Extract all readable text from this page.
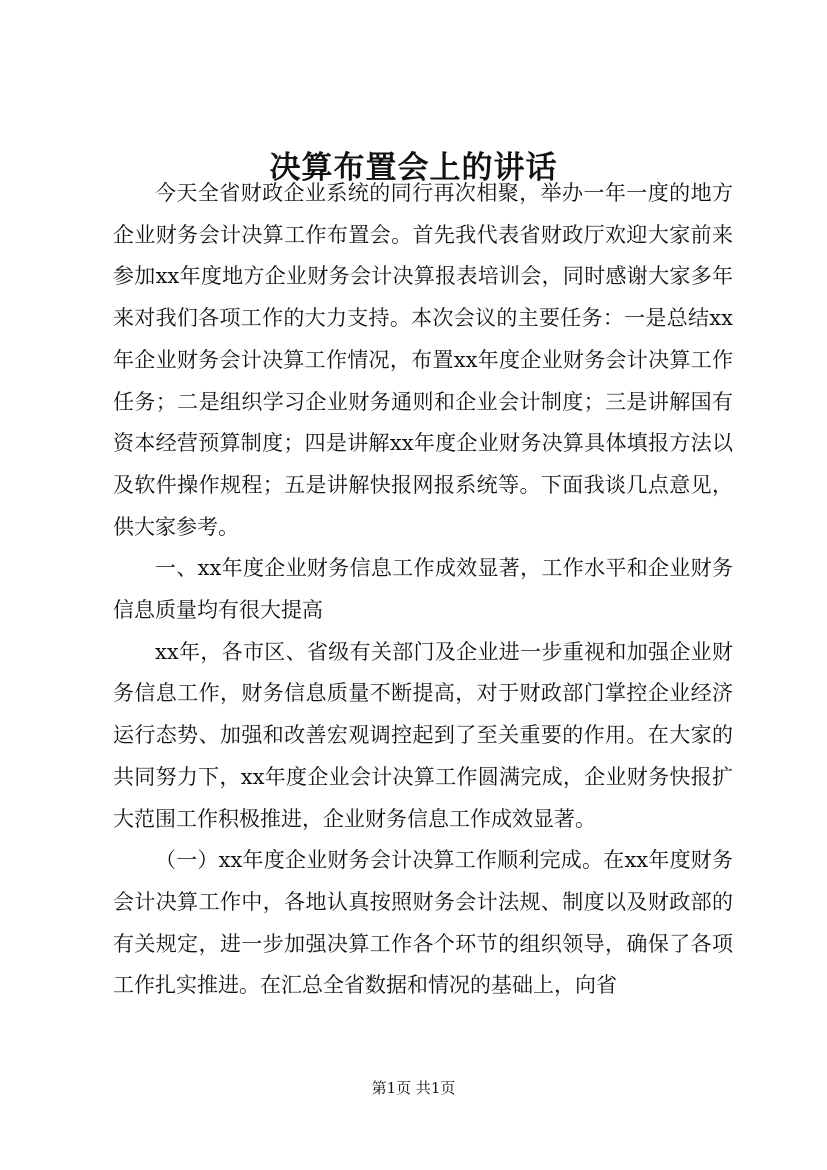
决算布置会上的讲话

今天全省财政企业系统的同行再次相聚，举办一年一度的地方企业财务会计决算工作布置会。首先我代表省财政厅欢迎大家前来参加xx年度地方企业财务会计决算报表培训会，同时感谢大家多年来对我们各项工作的大力支持。本次会议的主要任务：一是总结xx年企业财务会计决算工作情况，布置xx年度企业财务会计决算工作任务；二是组织学习企业财务通则和企业会计制度；三是讲解国有资本经营预算制度；四是讲解xx年度企业财务决算具体填报方法以及软件操作规程；五是讲解快报网报系统等。下面我谈几点意见，供大家参考。

一、xx年度企业财务信息工作成效显著，工作水平和企业财务信息质量均有很大提高

xx年，各市区、省级有关部门及企业进一步重视和加强企业财务信息工作，财务信息质量不断提高，对于财政部门掌控企业经济运行态势、加强和改善宏观调控起到了至关重要的作用。在大家的共同努力下，xx年度企业会计决算工作圆满完成，企业财务快报扩大范围工作积极推进，企业财务信息工作成效显著。

（一）xx年度企业财务会计决算工作顺利完成。在xx年度财务会计决算工作中，各地认真按照财务会计法规、制度以及财政部的有关规定，进一步加强决算工作各个环节的组织领导，确保了各项工作扎实推进。在汇总全省数据和情况的基础上，向省

第1页 共1页
